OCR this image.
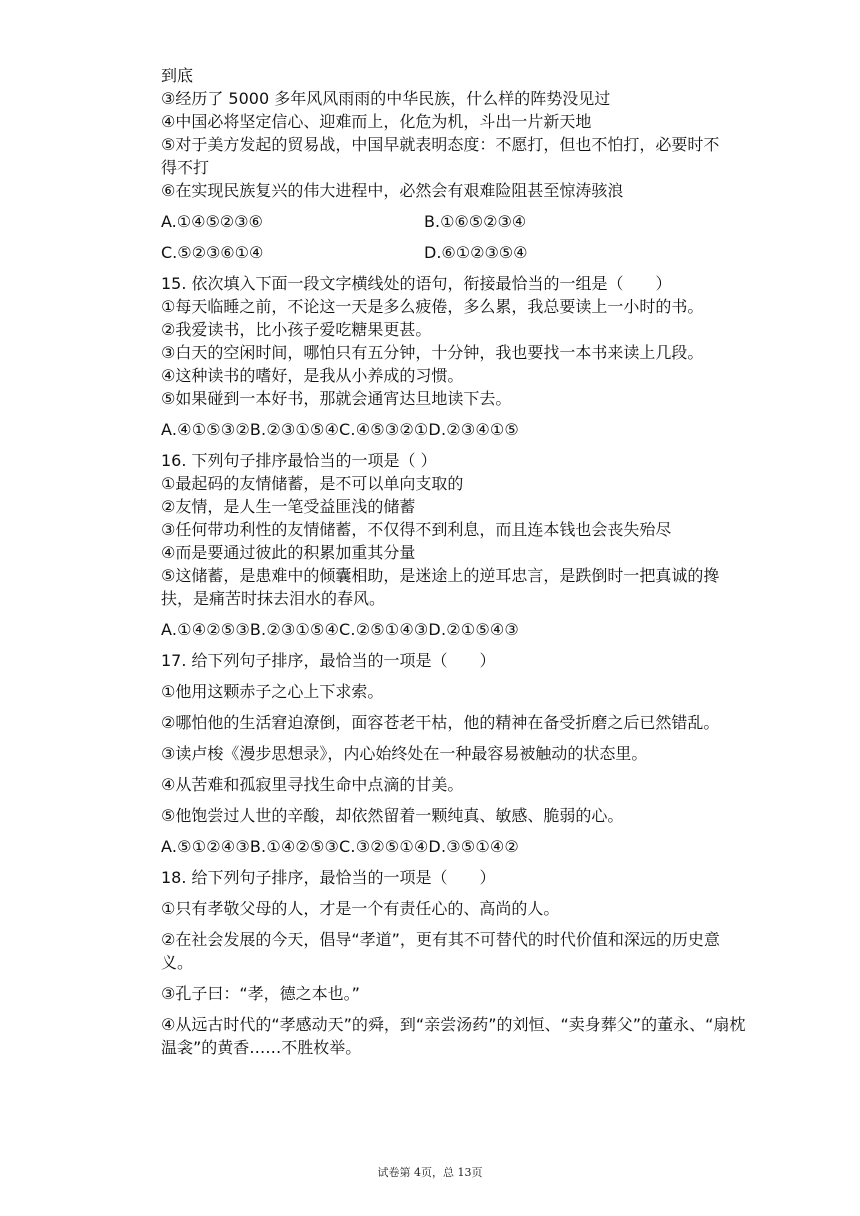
到底
③经历了 5000 多年风风雨雨的中华民族，什么样的阵势没见过
④中国必将坚定信心、迎难而上，化危为机，斗出一片新天地
⑤对于美方发起的贸易战，中国早就表明态度：不愿打，但也不怕打，必要时不得不打
⑥在实现民族复兴的伟大进程中，必然会有艰难险阻甚至惊涛骇浪
A.①④⑤②③⑥	B.①⑥⑤②③④
C.⑤②③⑥①④	D.⑥①②③⑤④
15. 依次填入下面一段文字横线处的语句，衔接最恰当的一组是（　　）
①每天临睡之前，不论这一天是多么疲倦，多么累，我总要读上一小时的书。
②我爱读书，比小孩子爱吃糖果更甚。
③白天的空闲时间，哪怕只有五分钟，十分钟，我也要找一本书来读上几段。
④这种读书的嗜好，是我从小养成的习惯。
⑤如果碰到一本好书，那就会通宵达旦地读下去。
A.④①⑤③②B.②③①⑤④C.④⑤③②①D.②③④①⑤
16. 下列句子排序最恰当的一项是（ ）
①最起码的友情储蓄，是不可以单向支取的
②友情，是人生一笔受益匪浅的储蓄
③任何带功利性的友情储蓄，不仅得不到利息，而且连本钱也会丧失殆尽
④而是要通过彼此的积累加重其分量
⑤这储蓄，是患难中的倾囊相助，是迷途上的逆耳忠言，是跌倒时一把真诚的搀扶，是痛苦时抹去泪水的春风。
A.①④②⑤③B.②③①⑤④C.②⑤①④③D.②①⑤④③
17. 给下列句子排序，最恰当的一项是（　　）
①他用这颗赤子之心上下求索。
②哪怕他的生活窘迫潦倒，面容苍老干枯，他的精神在备受折磨之后已然错乱。
③读卢梭《漫步思想录》，内心始终处在一种最容易被触动的状态里。
④从苦难和孤寂里寻找生命中点滴的甘美。
⑤他饱尝过人世的辛酸，却依然留着一颗纯真、敏感、脆弱的心。
A.⑤①②④③B.①④②⑤③C.③②⑤①④D.③⑤①④②
18. 给下列句子排序，最恰当的一项是（　　）
①只有孝敬父母的人，才是一个有责任心的、高尚的人。
②在社会发展的今天，倡导“孝道”，更有其不可替代的时代价值和深远的历史意义。
③孔子曰：“孝，德之本也。”
④从远古时代的“孝感动天”的舜，到“亲尝汤药”的刘恒、“卖身葬父”的董永、“扇枕温衾”的黄香……不胜枚举。
试卷第 4页，总 13页
